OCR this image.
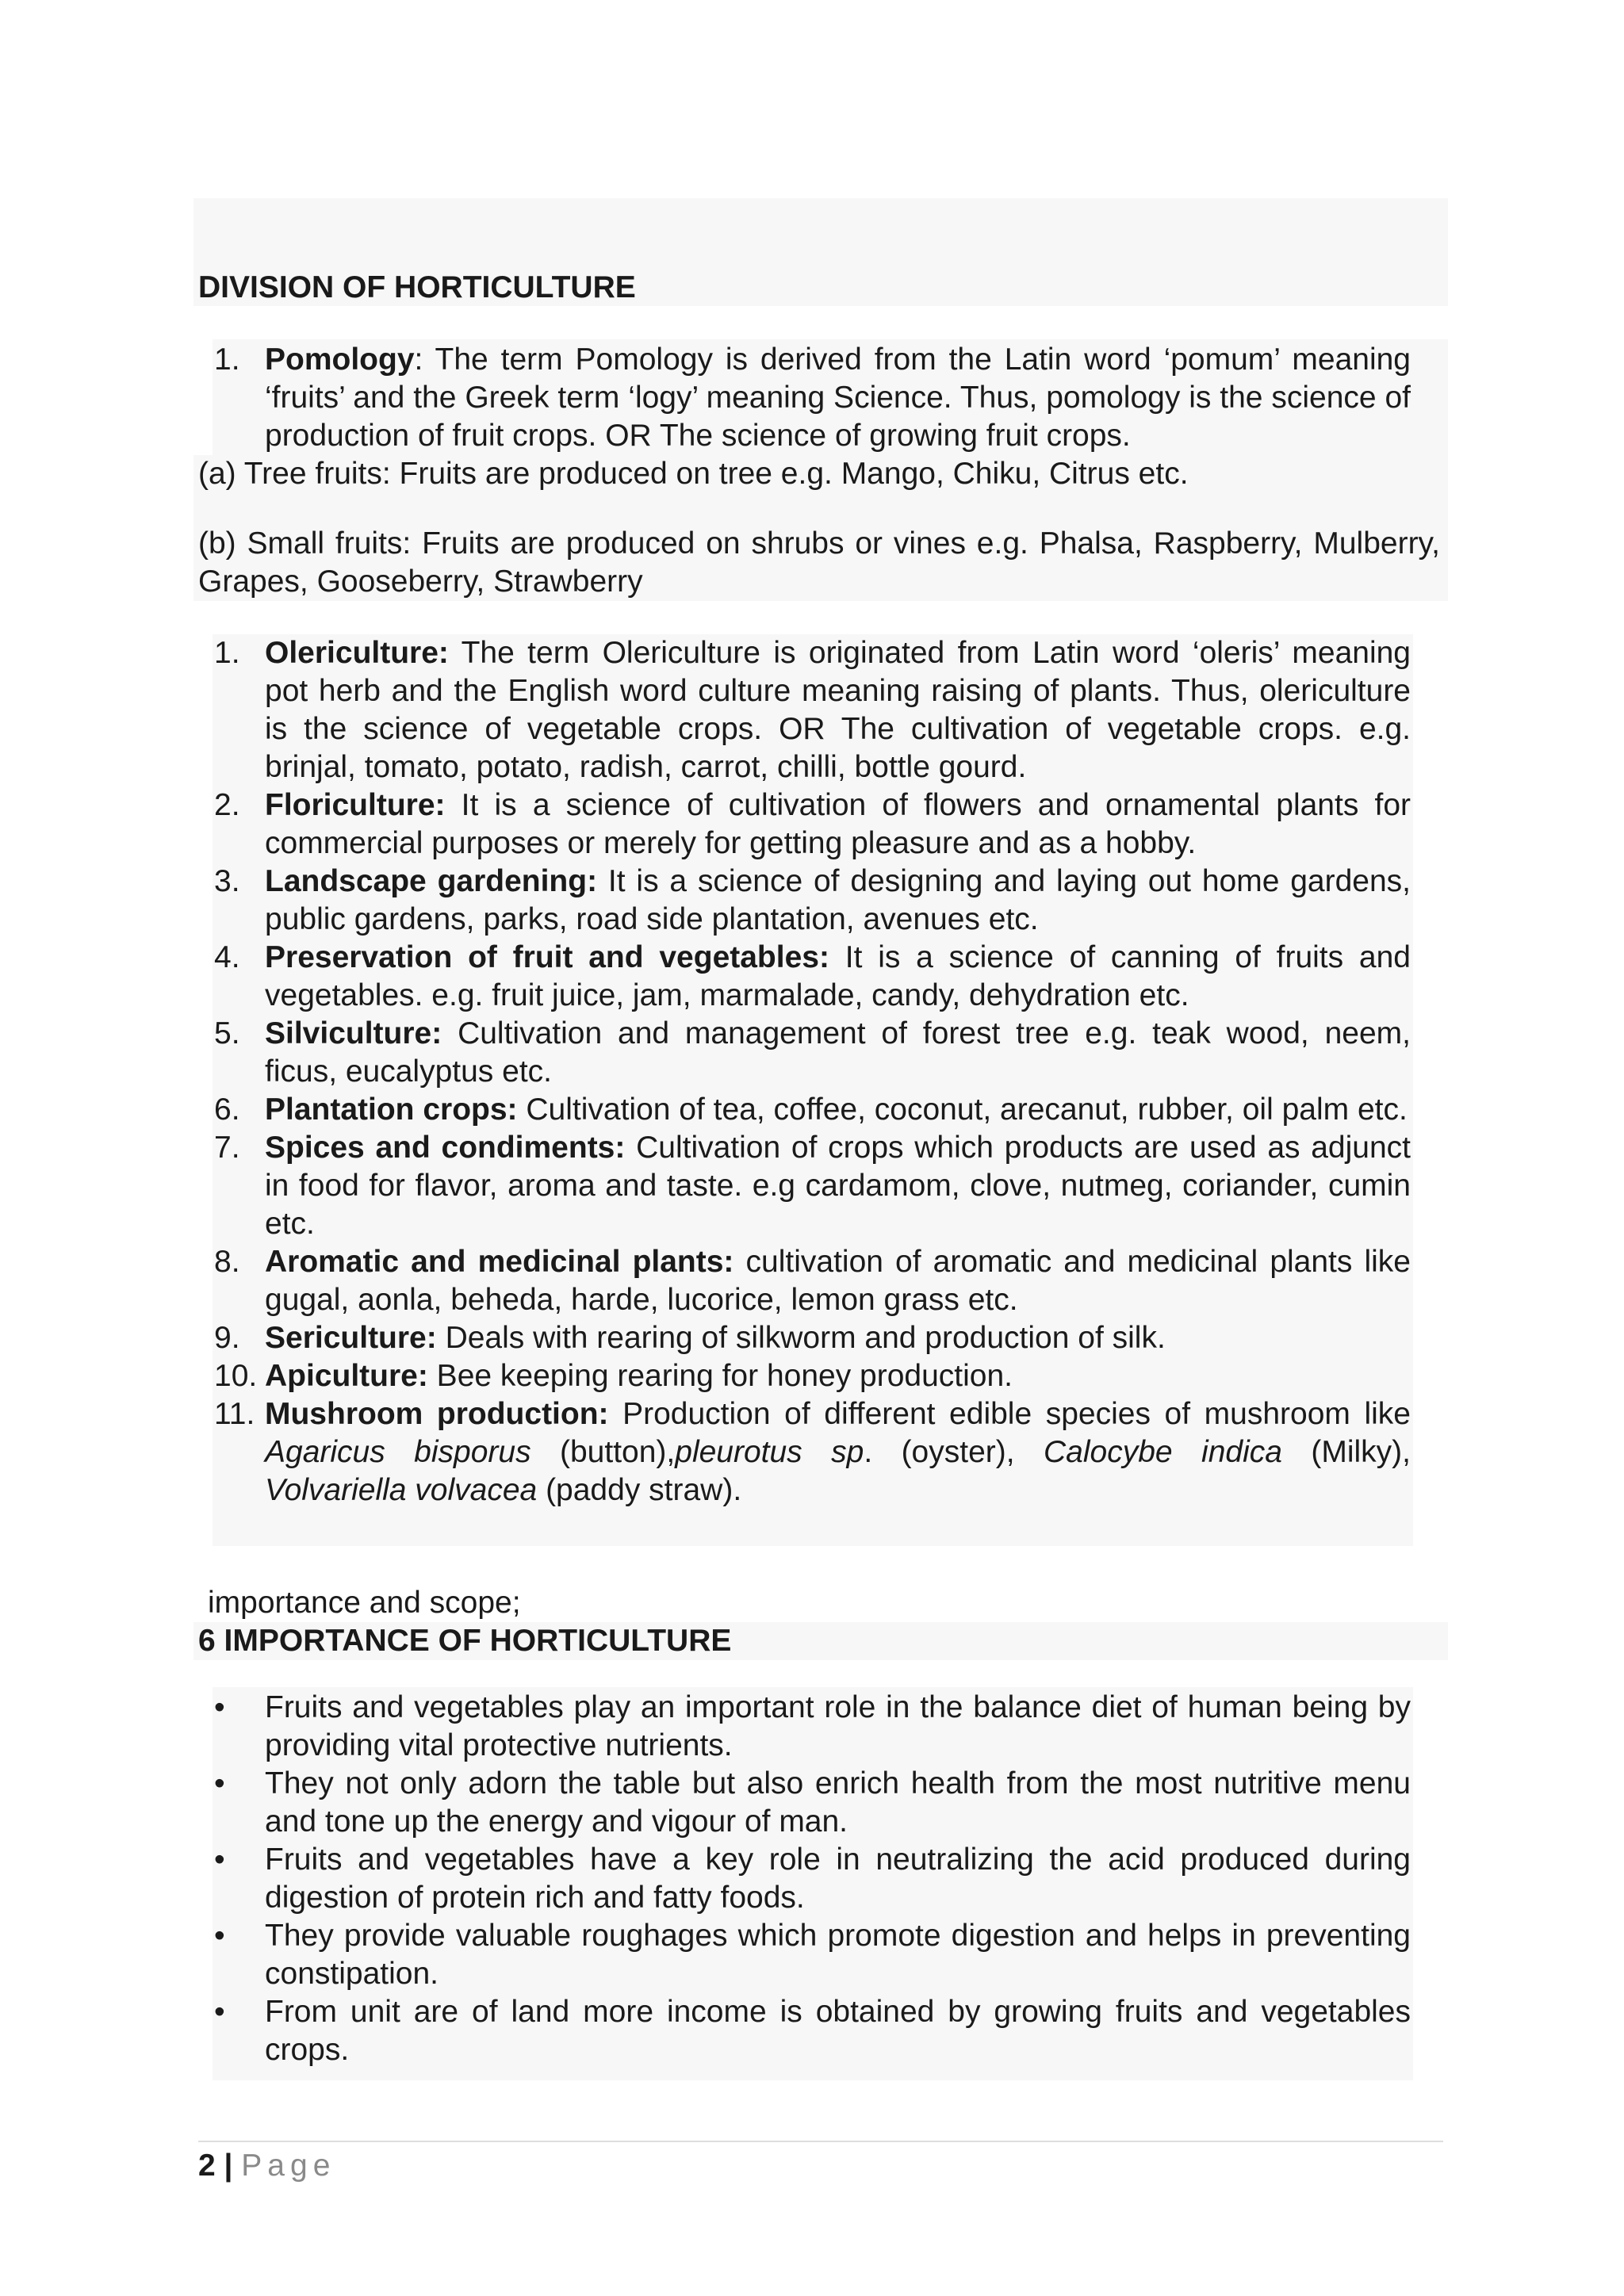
DIVISION OF HORTICULTURE
1. Pomology: The term Pomology is derived from the Latin word ‘pomum’ meaning ‘fruits’ and the Greek term ‘logy’ meaning Science. Thus, pomology is the science of production of fruit crops. OR The science of growing fruit crops.

(a) Tree fruits: Fruits are produced on tree e.g. Mango, Chiku, Citrus etc.

(b) Small fruits: Fruits are produced on shrubs or vines e.g. Phalsa, Raspberry, Mulberry, Grapes, Gooseberry, Strawberry

1. Olericulture: The term Olericulture is originated from Latin word ‘oleris’ meaning pot herb and the English word culture meaning raising of plants. Thus, olericulture is the science of vegetable crops. OR The cultivation of vegetable crops. e.g. brinjal, tomato, potato, radish, carrot, chilli, bottle gourd.
2. Floriculture: It is a science of cultivation of flowers and ornamental plants for commercial purposes or merely for getting pleasure and as a hobby.
3. Landscape gardening: It is a science of designing and laying out home gardens, public gardens, parks, road side plantation, avenues etc.
4. Preservation of fruit and vegetables: It is a science of canning of fruits and vegetables. e.g. fruit juice, jam, marmalade, candy, dehydration etc.
5. Silviculture: Cultivation and management of forest tree e.g. teak wood, neem, ficus, eucalyptus etc.
6. Plantation crops: Cultivation of tea, coffee, coconut, arecanut, rubber, oil palm etc.
7. Spices and condiments: Cultivation of crops which products are used as adjunct in food for flavor, aroma and taste. e.g cardamom, clove, nutmeg, coriander, cumin etc.
8. Aromatic and medicinal plants: cultivation of aromatic and medicinal plants like gugal, aonla, beheda, harde, lucorice, lemon grass etc.
9. Sericulture: Deals with rearing of silkworm and production of silk.
10. Apiculture: Bee keeping rearing for honey production.
11. Mushroom production: Production of different edible species of mushroom like Agaricus bisporus (button),pleurotus sp. (oyster), Calocybe indica (Milky), Volvariella volvacea (paddy straw).

importance and scope;

6 IMPORTANCE OF HORTICULTURE
• Fruits and vegetables play an important role in the balance diet of human being by providing vital protective nutrients.
• They not only adorn the table but also enrich health from the most nutritive menu and tone up the energy and vigour of man.
• Fruits and vegetables have a key role in neutralizing the acid produced during digestion of protein rich and fatty foods.
• They provide valuable roughages which promote digestion and helps in preventing constipation.
• From unit are of land more income is obtained by growing fruits and vegetables crops.
2 | Page
